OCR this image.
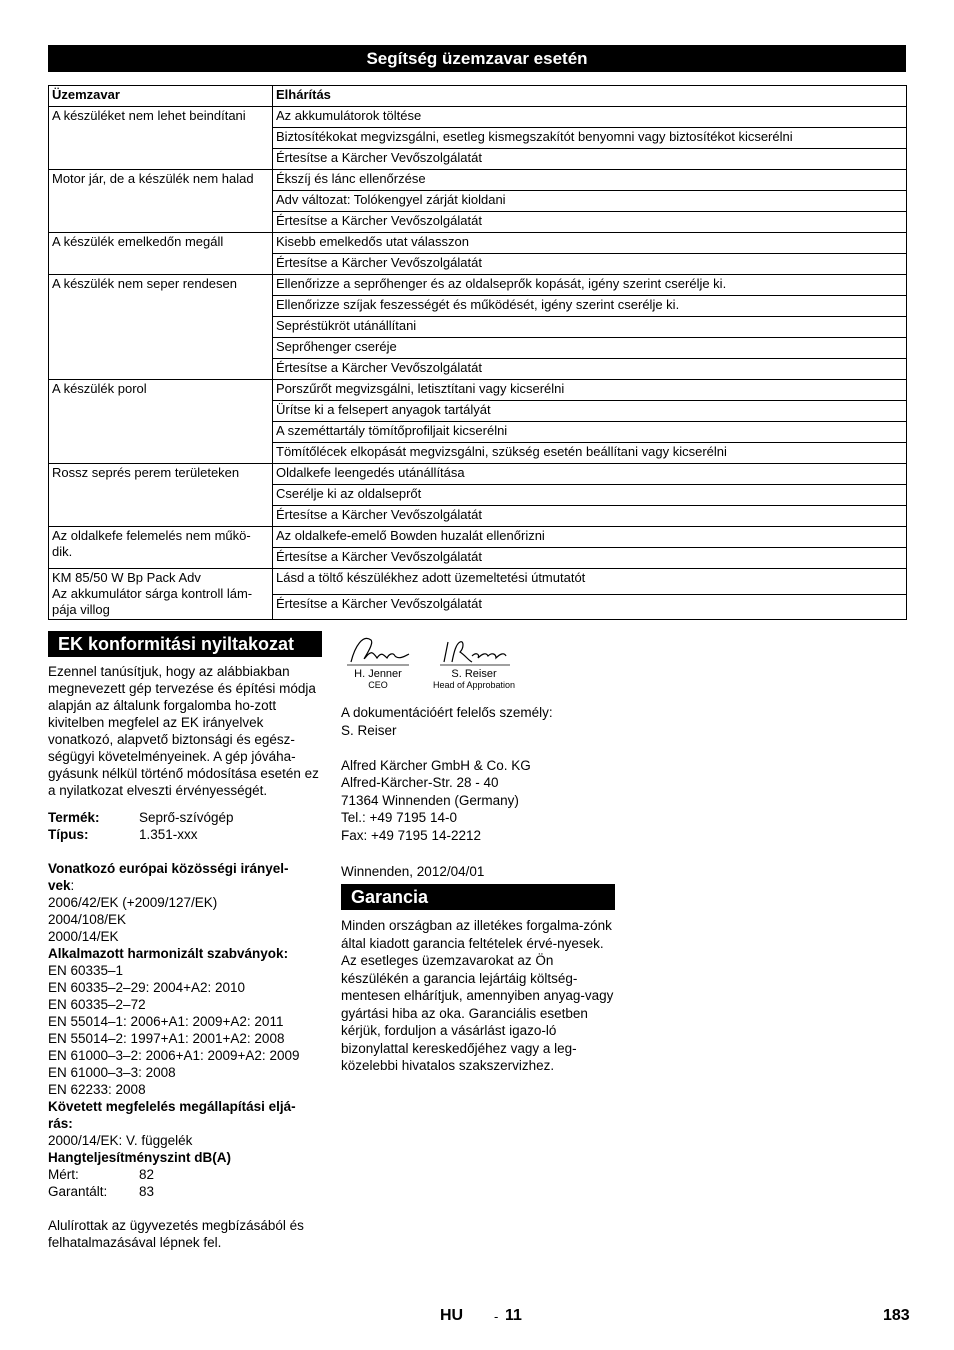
Segítség üzemzavar esetén
Üzemzavar	Elhárítás

A készüléket nem lehet beindítani	Az akkumulátorok töltése
	Biztosítékokat megvizsgálni, esetleg kismegszakítót benyomni vagy biztosítékot kicserélni
	Értesítse a Kärcher Vevőszolgálatát

Motor jár, de a készülék nem halad	Ékszíj és lánc ellenőrzése
	Adv változat: Tolókengyel zárját kioldani
	Értesítse a Kärcher Vevőszolgálatát

A készülék emelkedőn megáll	Kisebb emelkedős utat válasszon
	Értesítse a Kärcher Vevőszolgálatát

A készülék nem seper rendesen	Ellenőrizze a seprőhenger és az oldalseprők kopását, igény szerint cserélje ki.
	Ellenőrizze szíjak feszességét és működését, igény szerint cserélje ki.
	Sepréstükröt utánállítani
	Seprőhenger cseréje
	Értesítse a Kärcher Vevőszolgálatát

A készülék porol	Porszűrőt megvizsgálni, letisztítani vagy kicserélni
	Ürítse ki a felsepert anyagok tartályát
	A szeméttartály tömítőprofiljait kicserélni
	Tömítőlécek elkopását megvizsgálni, szükség esetén beállítani vagy kicserélni

Rossz seprés perem területeken	Oldalkefe leengedés utánállítása
	Cserélje ki az oldalseprőt
	Értesítse a Kärcher Vevőszolgálatát

Az oldalkefe felemelés nem műkö-dik.	Az oldalkefe-emelő Bowden huzalát ellenőrizni
	Értesítse a Kärcher Vevőszolgálatát

KM 85/50 W Bp Pack Adv
Az akkumulátor sárga kontroll lám-pája villog	Lásd a töltő készülékhez adott üzemeltetési útmutatót
	Értesítse a Kärcher Vevőszolgálatát
EK konformitási nyiltakozat

Ezennel tanúsítjuk, hogy az alábbiakban megnevezett gép tervezése és építési módja alapján az általunk forgalomba ho-zott kivitelben megfelel az EK irányelvek vonatkozó, alapvető biztonsági és egész-ségügyi követelményeinek. A gép jóváha-gyásunk nélkül történő módosítása esetén ez a nyilatkozat elveszti érvényességét.

Termék:	Seprő-szívógép
Típus:	1.351-xxx
Vonatkozó európai közösségi irányel-
vek:
2006/42/EK (+2009/127/EK)
2004/108/EK
2000/14/EK
Alkalmazott harmonizált szabványok:
EN 60335–1
EN 60335–2–29: 2004+A2: 2010
EN 60335–2–72
EN 55014–1: 2006+A1: 2009+A2: 2011
EN 55014–2: 1997+A1: 2001+A2: 2008
EN 61000–3–2: 2006+A1: 2009+A2: 2009
EN 61000–3–3: 2008
EN 62233: 2008
Követett megfelelés megállapítási eljá-
rás:
2000/14/EK: V. függelék
Hangteljesítményszint dB(A)
Mért:	82
Garantált:	83

Alulírottak az ügyvezetés megbízásából és felhatalmazásával lépnek fel.

H. Jenner
CEO
S. Reiser
Head of Approbation
A dokumentációért felelős személy:
S. Reiser
Alfred Kärcher GmbH & Co. KG
Alfred-Kärcher-Str. 28 - 40
71364 Winnenden (Germany)
Tel.: +49 7195 14-0
Fax: +49 7195 14-2212
Winnenden, 2012/04/01
Garancia

Minden országban az illetékes forgalma-zónk által kiadott garancia feltételek érvé-nyesek. Az esetleges üzemzavarokat az Ön készülékén a garancia lejártáig költség-mentesen elhárítjuk, amennyiben anyag-vagy gyártási hiba az oka. Garanciális esetben kérjük, forduljon a vásárlást igazo-ló bizonylattal kereskedőjéhez vagy a leg-közelebbi hivatalos szakszervizhez.

HU - 11	183
